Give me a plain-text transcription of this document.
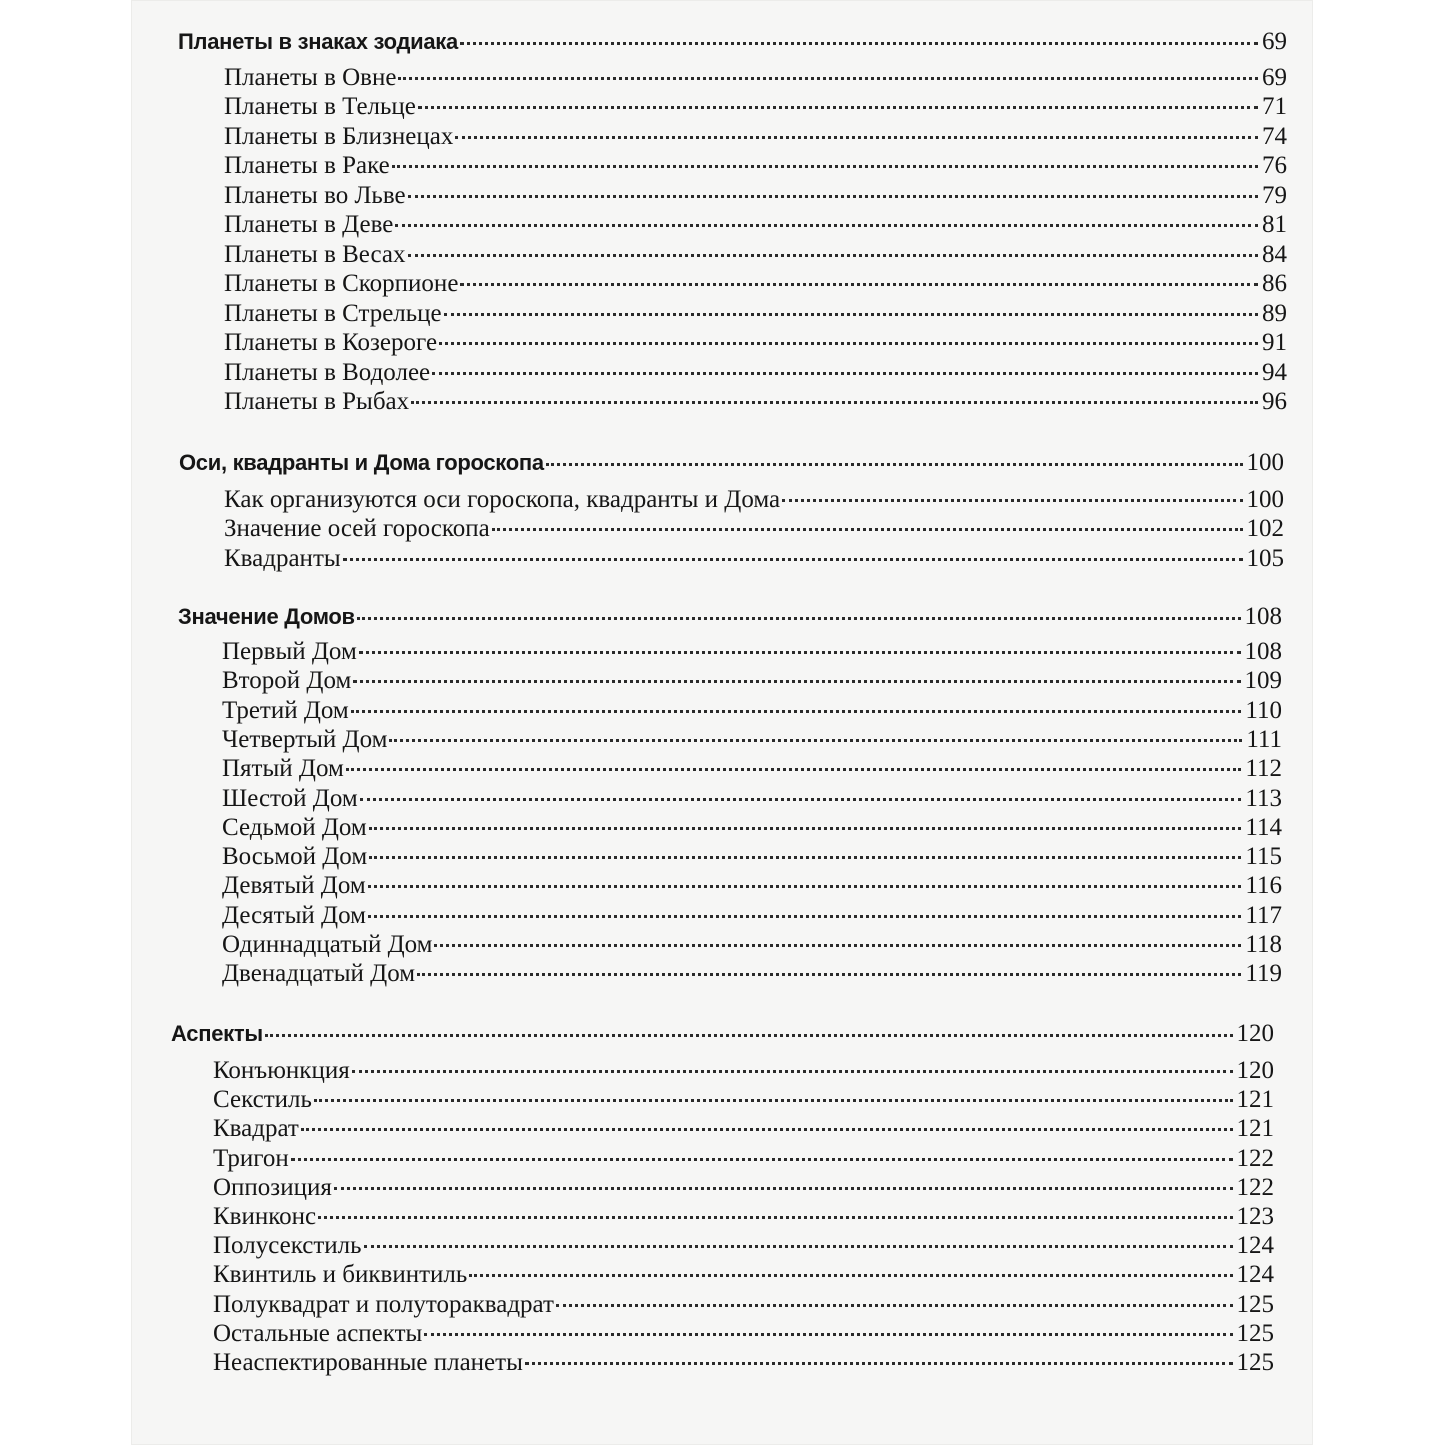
Планеты в знаках зодиака	69
Планеты в Овне	69
Планеты в Тельце	71
Планеты в Близнецах	74
Планеты в Раке	76
Планеты во Льве	79
Планеты в Деве	81
Планеты в Весах	84
Планеты в Скорпионе	86
Планеты в Стрельце	89
Планеты в Козероге	91
Планеты в Водолее	94
Планеты в Рыбах	96
Оси, квадранты и Дома гороскопа	100
Как организуются оси гороскопа, квадранты и Дома	100
Значение осей гороскопа	102
Квадранты	105
Значение Домов	108
Первый Дом	108
Второй Дом	109
Третий Дом	110
Четвертый Дом	111
Пятый Дом	112
Шестой Дом	113
Седьмой Дом	114
Восьмой Дом	115
Девятый Дом	116
Десятый Дом	117
Одиннадцатый Дом	118
Двенадцатый Дом	119
Аспекты	120
Конъюнкция	120
Секстиль	121
Квадрат	121
Тригон	122
Оппозиция	122
Квинконс	123
Полусекстиль	124
Квинтиль и биквинтиль	124
Полуквадрат и полутораквадрат	125
Остальные аспекты	125
Неаспектированные планеты	125
